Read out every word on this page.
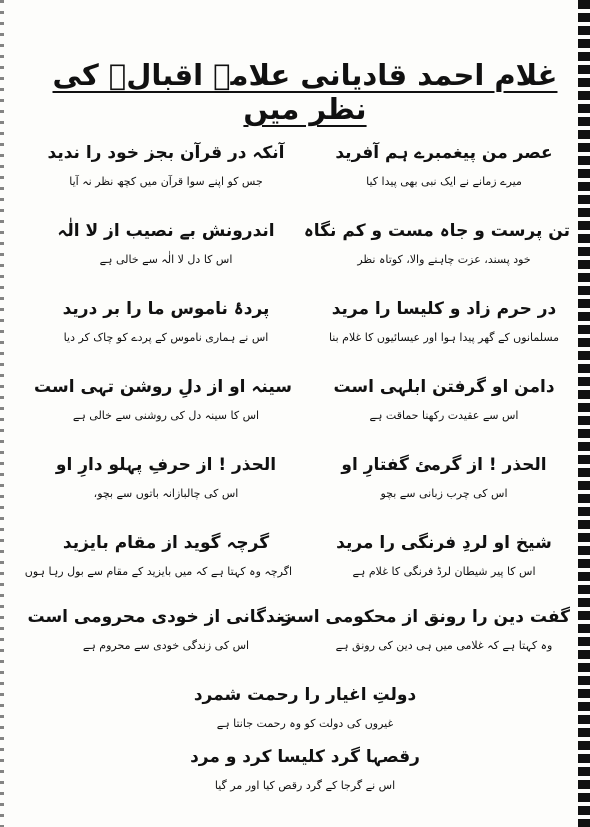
غلام احمد قادیانی علامہ اقبالؒ کی نظر میں
عصر من پیغمبرے ہم آفرید
میرے زمانے نے ایک نبی بھی پیدا کیا
آنکہ در قرآن بجز خود را ندید
جس کو اپنے سوا قرآن میں کچھ نظر نہ آیا
تن پرست و جاہ مست و کم نگاہ
خود پسند، عزت چاہنے والا، کوتاہ نظر
اندرونش بے نصیب از لا الٰہ
اس کا دل لا الٰہ سے خالی ہے
در حرم زاد و کلیسا را مرید
مسلمانوں کے گھر پیدا ہوا اور عیسائیوں کا غلام بنا
پردۂ ناموس ما را بر درید
اس نے ہماری ناموس کے پردے کو چاک کر دیا
دامن او گرفتن ابلہی است
اس سے عقیدت رکھنا حماقت ہے
سینہ او از دلِ روشن تہی است
اس کا سینہ دل کی روشنی سے خالی ہے
الحذر ! از گرمئ گفتارِ او
اس کی چرب زبانی سے بچو
الحذر ! از حرفِ پہلو دارِ او
اس کی چالبازانہ باتوں سے بچو،
شیخ او لردِ فرنگی را مرید
اس کا پیر شیطان لرڈ فرنگی کا غلام ہے
گرچہ گوید از مقام بایزید
اگرچہ وہ کہتا ہے کہ میں بایزید کے مقام سے بول رہا ہوں
گفت دین را رونق از محکومی است
وہ کہتا ہے کہ غلامی میں ہی دین کی رونق ہے
زندگانی از خودی محرومی است
اس کی زندگی خودی سے محروم ہے
دولتِ اغیار را رحمت شمرد
غیروں کی دولت کو وہ رحمت جانتا ہے
رقصہا گرد کلیسا کرد و مرد
اس نے گرجا کے گرد رقص کیا اور مر گیا
